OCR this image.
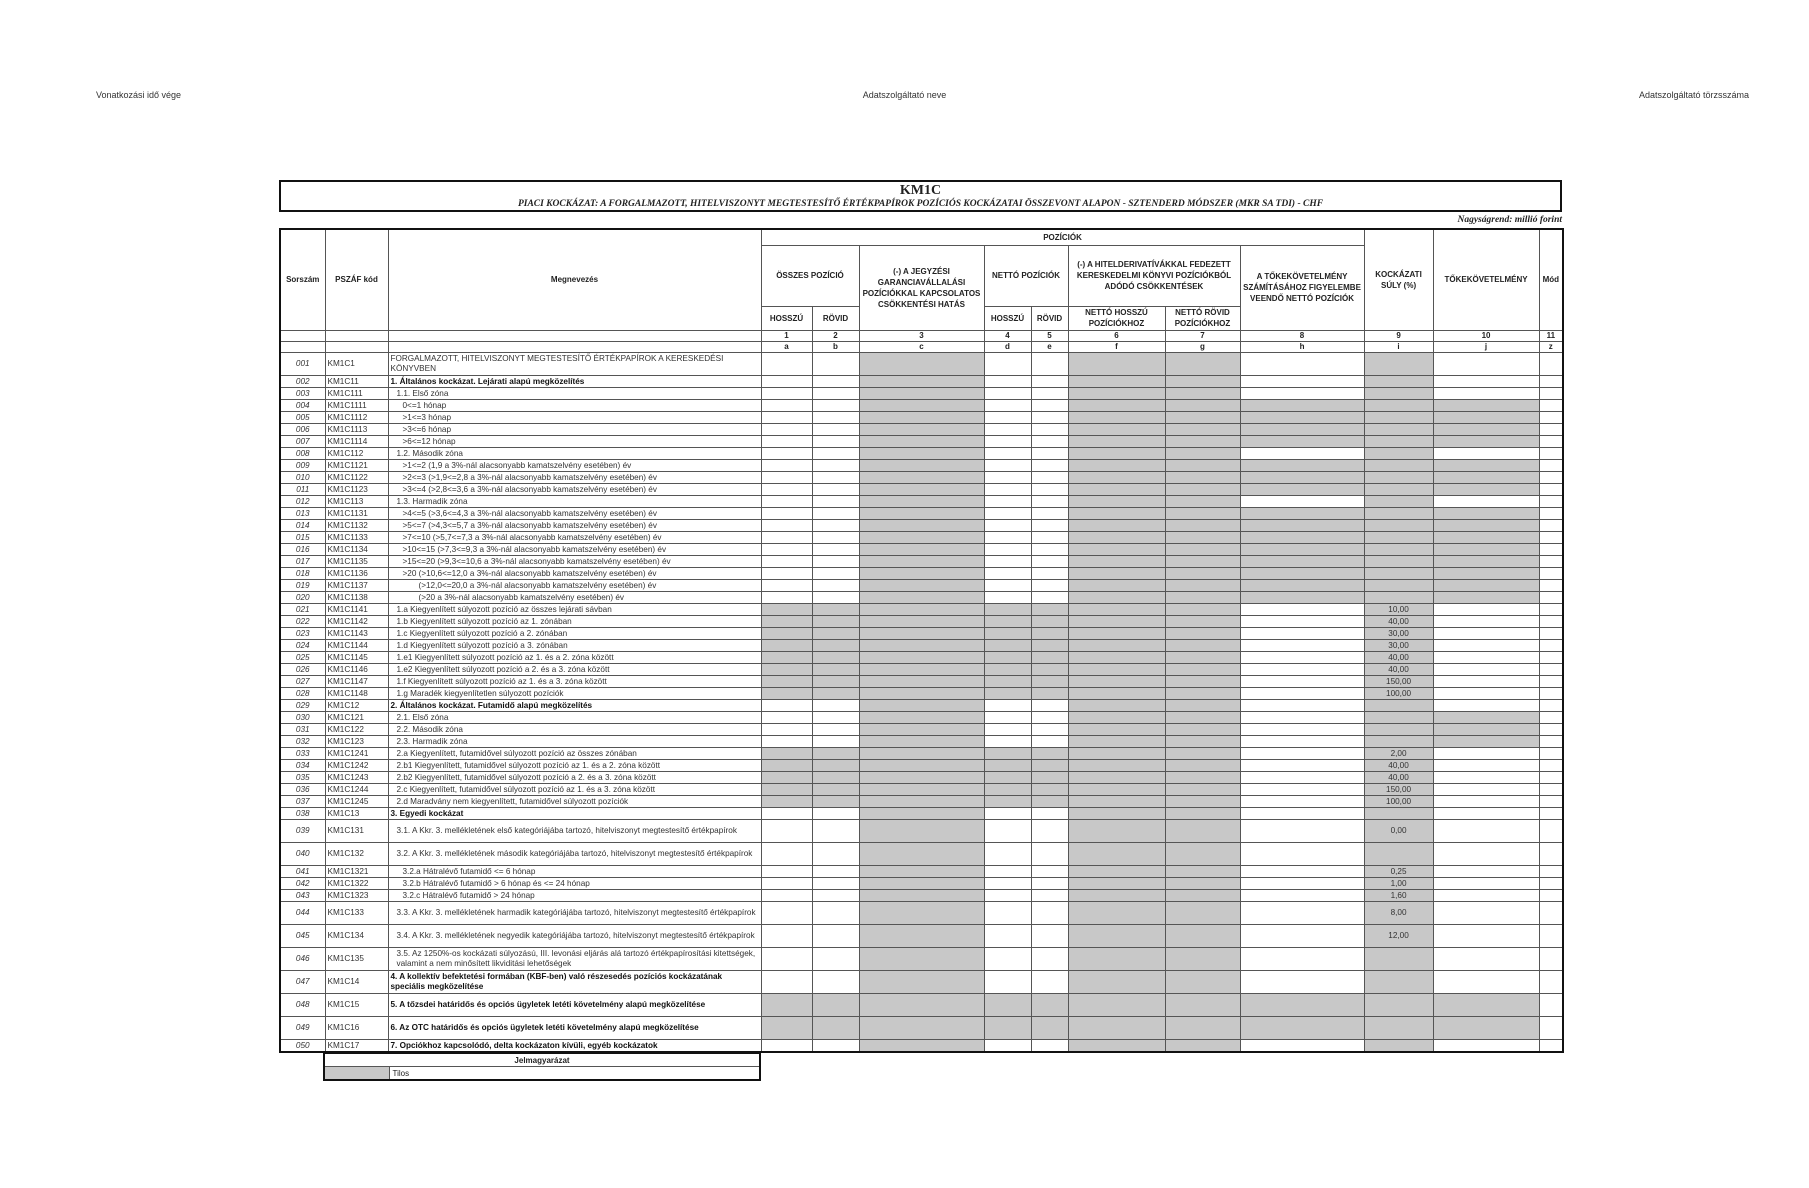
Vonatkozási idő vége	Adatszolgáltató neve	Adatszolgáltató törzsszáma
KM1C
PIACI KOCKÁZAT: A FORGALMAZOTT, HITELVISZONYT MEGTESTESÍTŐ ÉRTÉKPAPÍROK POZÍCIÓS KOCKÁZATAI ÖSSZEVONT ALAPON - SZTENDERD MÓDSZER (MKR SA TDI) - CHF
Nagyságrend: millió forint
Sorszám	PSZÁF kód	Megnevezés	POZÍCIÓK								KOCKÁZATI SÚLY (%)	TŐKEKÖVETELMÉNY	Mód
			ÖSSZES POZÍCIÓ		(-) A JEGYZÉSI GARANCIAVÁLLALÁSI POZÍCIÓKKAL KAPCSOLATOS CSÖKKENTÉSI HATÁS	NETTÓ POZÍCIÓK		(-) A HITELDERIVATÍVÁKKAL FEDEZETT KERESKEDELMI KÖNYVI POZÍCIÓKBÓL ADÓDÓ CSÖKKENTÉSEK		A TŐKEKÖVETELMÉNY SZÁMÍTÁSÁHOZ FIGYELEMBE VEENDŐ NETTÓ POZÍCIÓK			
			HOSSZÚ	RÖVID		HOSSZÚ	RÖVID	NETTÓ HOSSZÚ POZÍCIÓKHOZ	NETTÓ RÖVID POZÍCIÓKHOZ				

			1	2	3	4	5	6	7	8	9	10	11
			a	b	c	d	e	f	g	h	i	j	z
001	KM1C1	FORGALMAZOTT, HITELVISZONYT MEGTESTESÍTŐ ÉRTÉKPAPÍROK A KERESKEDÉSI KÖNYVBEN											
002	KM1C11	1. Általános kockázat. Lejárati alapú megközelítés											
003	KM1C111	1.1. Első zóna											
004	KM1C1111	0<=1 hónap											
005	KM1C1112	>1<=3 hónap											
006	KM1C1113	>3<=6 hónap											
007	KM1C1114	>6<=12 hónap											
008	KM1C112	1.2. Második zóna											
009	KM1C1121	>1<=2 (1,9 a 3%-nál alacsonyabb kamatszelvény esetében) év											
010	KM1C1122	>2<=3 (>1,9<=2,8 a 3%-nál alacsonyabb kamatszelvény esetében) év											
011	KM1C1123	>3<=4 (>2,8<=3,6 a 3%-nál alacsonyabb kamatszelvény esetében) év											
012	KM1C113	1.3. Harmadik zóna											
013	KM1C1131	>4<=5 (>3,6<=4,3 a 3%-nál alacsonyabb kamatszelvény esetében) év											
014	KM1C1132	>5<=7 (>4,3<=5,7 a 3%-nál alacsonyabb kamatszelvény esetében) év											
015	KM1C1133	>7<=10 (>5,7<=7,3 a 3%-nál alacsonyabb kamatszelvény esetében) év											
016	KM1C1134	>10<=15 (>7,3<=9,3 a 3%-nál alacsonyabb kamatszelvény esetében) év											
017	KM1C1135	>15<=20 (>9,3<=10,6 a 3%-nál alacsonyabb kamatszelvény esetében) év											
018	KM1C1136	>20 (>10,6<=12,0 a 3%-nál alacsonyabb kamatszelvény esetében) év											
019	KM1C1137	(>12,0<=20,0 a 3%-nál alacsonyabb kamatszelvény esetében) év											
020	KM1C1138	(>20 a 3%-nál alacsonyabb kamatszelvény esetében) év											
021	KM1C1141	1.a Kiegyenlített súlyozott pozíció az összes lejárati sávban									10,00		
022	KM1C1142	1.b Kiegyenlített súlyozott pozíció az 1. zónában									40,00		
023	KM1C1143	1.c Kiegyenlített súlyozott pozíció a 2. zónában									30,00		
024	KM1C1144	1.d Kiegyenlített súlyozott pozíció a 3. zónában									30,00		
025	KM1C1145	1.e1 Kiegyenlített súlyozott pozíció az 1. és a 2. zóna között									40,00		
026	KM1C1146	1.e2 Kiegyenlített súlyozott pozíció a 2. és a 3. zóna között									40,00		
027	KM1C1147	1.f Kiegyenlített súlyozott pozíció az 1. és a 3. zóna között									150,00		
028	KM1C1148	1.g Maradék kiegyenlítetlen súlyozott pozíciók									100,00		
029	KM1C12	2. Általános kockázat. Futamidő alapú megközelítés											
030	KM1C121	2.1. Első zóna											
031	KM1C122	2.2. Második zóna											
032	KM1C123	2.3. Harmadik zóna											
033	KM1C1241	2.a Kiegyenlített, futamidővel súlyozott pozíció az összes zónában									2,00		
034	KM1C1242	2.b1 Kiegyenlített, futamidővel súlyozott pozíció az 1. és a 2. zóna között									40,00		
035	KM1C1243	2.b2 Kiegyenlített, futamidővel súlyozott pozíció a 2. és a 3. zóna között									40,00		
036	KM1C1244	2.c Kiegyenlített, futamidővel súlyozott pozíció az 1. és a 3. zóna között									150,00		
037	KM1C1245	2.d Maradvány nem kiegyenlített, futamidővel súlyozott pozíciók									100,00		
038	KM1C13	3. Egyedi kockázat											
039	KM1C131	3.1. A Kkr. 3. mellékletének első kategóriájába tartozó, hitelviszonyt megtestesítő értékpapírok									0,00		
040	KM1C132	3.2. A Kkr. 3. mellékletének második kategóriájába tartozó, hitelviszonyt megtestesítő értékpapírok											
041	KM1C1321	3.2.a Hátralévő futamidő <= 6 hónap									0,25		
042	KM1C1322	3.2.b Hátralévő futamidő > 6 hónap és <= 24 hónap									1,00		
043	KM1C1323	3.2.c Hátralévő futamidő > 24 hónap									1,60		
044	KM1C133	3.3. A Kkr. 3. mellékletének harmadik kategóriájába tartozó, hitelviszonyt megtestesítő értékpapírok									8,00		
045	KM1C134	3.4. A Kkr. 3. mellékletének negyedik kategóriájába tartozó, hitelviszonyt megtestesítő értékpapírok									12,00		
046	KM1C135	3.5. Az 1250%-os kockázati súlyozású, III. levonási eljárás alá tartozó értékpapírosítási kitettségek, valamint a nem minősített likviditási lehetőségek											
047	KM1C14	4. A kollektív befektetési formában (KBF-ben) való részesedés pozíciós kockázatának speciális megközelítése											
048	KM1C15	5. A tőzsdei határidős és opciós ügyletek letéti követelmény alapú megközelítése											
049	KM1C16	6. Az OTC határidős és opciós ügyletek letéti követelmény alapú megközelítése											
050	KM1C17	7. Opciókhoz kapcsolódó, delta kockázaton kívüli, egyéb kockázatok											
Jelmagyarázat
	Tilos
